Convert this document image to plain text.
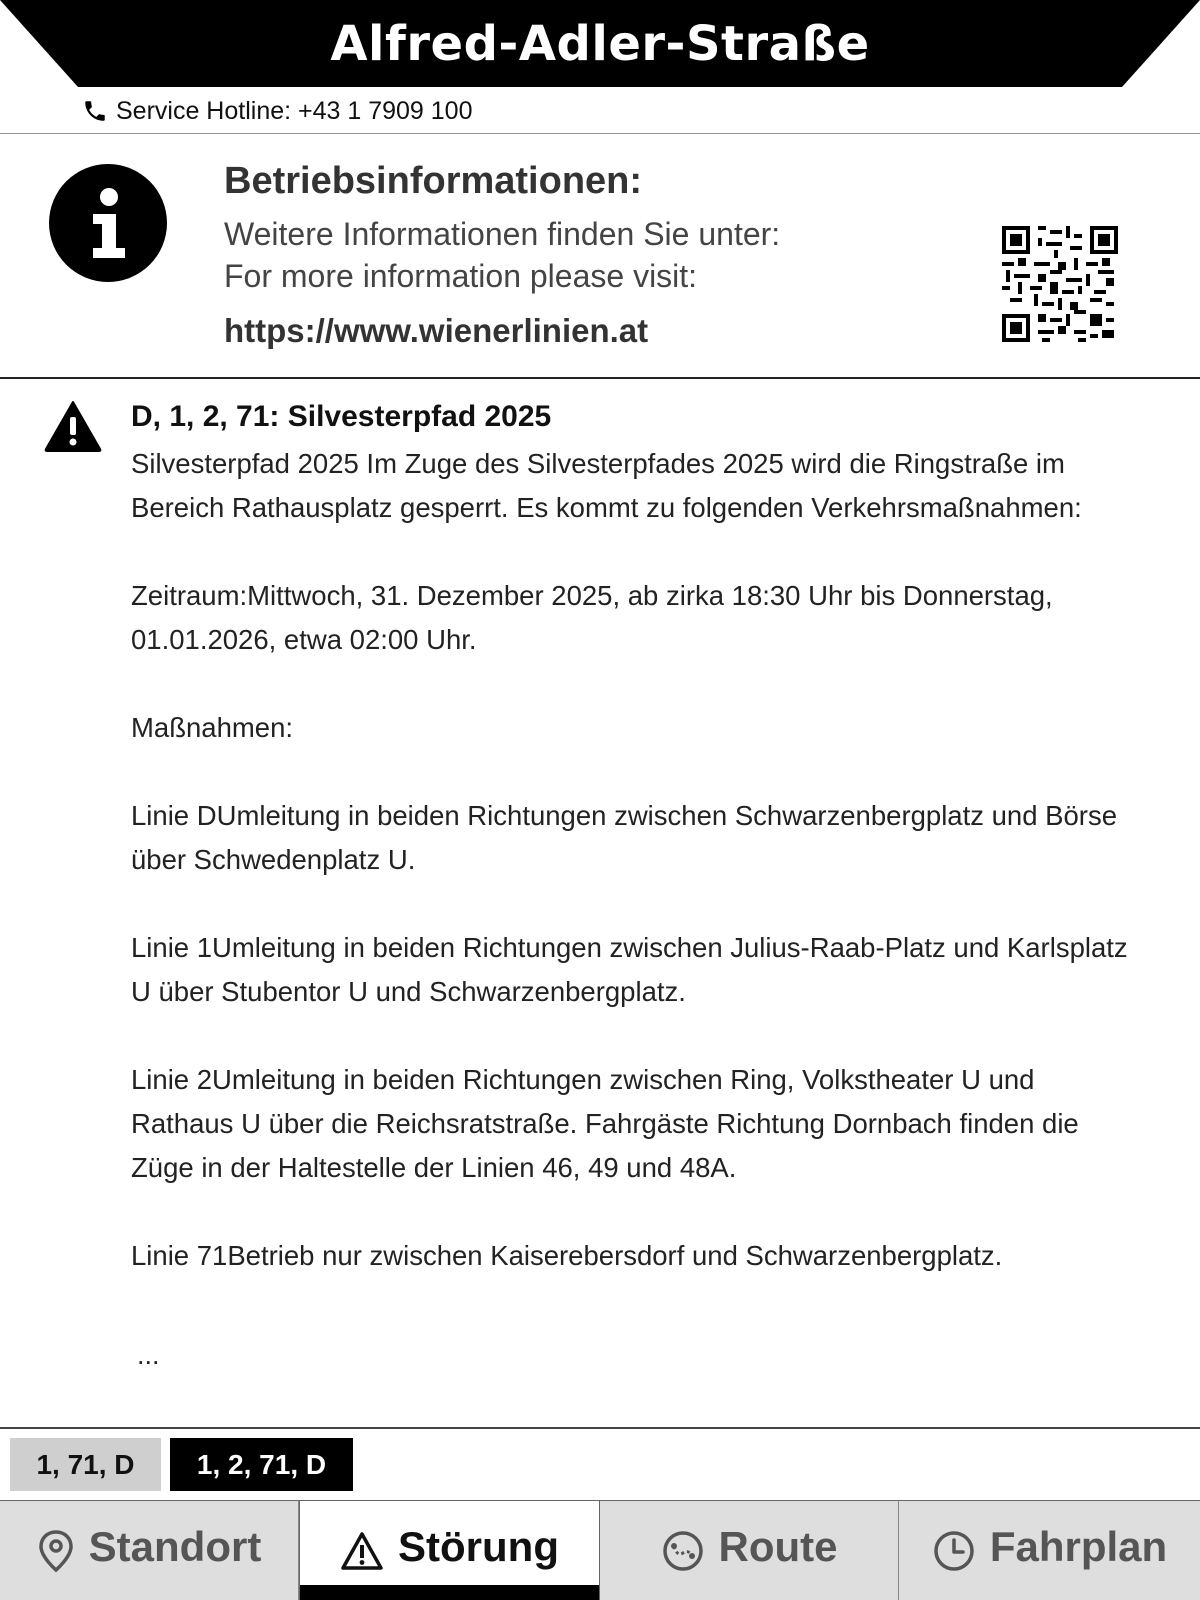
Alfred-Adler-Straße
Service Hotline: +43 1 7909 100
Betriebsinformationen:
Weitere Informationen finden Sie unter:
For more information please visit:
https://www.wienerlinien.at
D, 1, 2, 71: Silvesterpfad 2025

Silvesterpfad 2025 Im Zuge des Silvesterpfades 2025 wird die Ringstraße im Bereich Rathausplatz gesperrt. Es kommt zu folgenden Verkehrsmaßnahmen:

Zeitraum:Mittwoch, 31. Dezember 2025, ab zirka 18:30 Uhr bis Donnerstag, 01.01.2026, etwa 02:00 Uhr.

Maßnahmen:

Linie DUmleitung in beiden Richtungen zwischen Schwarzenbergplatz und Börse über Schwedenplatz U.

Linie 1Umleitung in beiden Richtungen zwischen Julius-Raab-Platz und Karlsplatz U über Stubentor U und Schwarzenbergplatz.

Linie 2Umleitung in beiden Richtungen zwischen Ring, Volkstheater U und Rathaus U über die Reichsratstraße. Fahrgäste Richtung Dornbach finden die Züge in der Haltestelle der Linien 46, 49 und 48A.

Linie 71Betrieb nur zwischen Kaiserebersdorf und Schwarzenbergplatz.

...
1, 71, D	1, 2, 71, D
Standort	Störung	Route	Fahrplan
